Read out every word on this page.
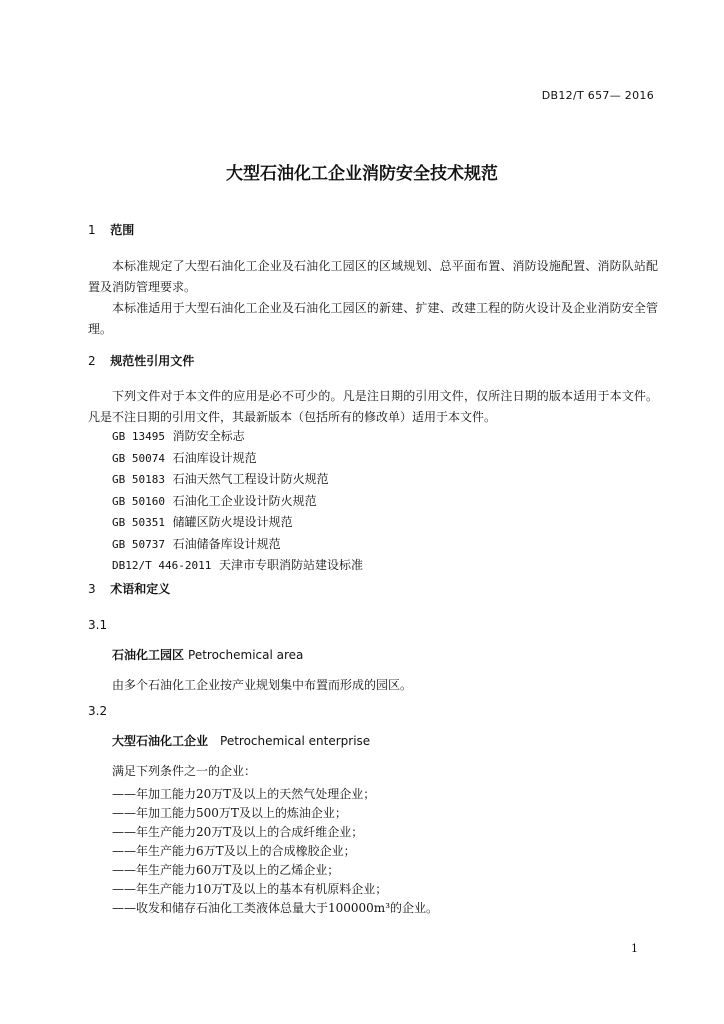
DB12/T 657— 2016
大型石油化工企业消防安全技术规范
1 范围

本标准规定了大型石油化工企业及石油化工园区的区域规划、总平面布置、消防设施配置、消防队站配置及消防管理要求。

本标准适用于大型石油化工企业及石油化工园区的新建、扩建、改建工程的防火设计及企业消防安全管理。

2 规范性引用文件

下列文件对于本文件的应用是必不可少的。凡是注日期的引用文件，仅所注日期的版本适用于本文件。凡是不注日期的引用文件，其最新版本（包括所有的修改单）适用于本文件。

GB 13495 消防安全标志
GB 50074 石油库设计规范
GB 50183 石油天然气工程设计防火规范
GB 50160 石油化工企业设计防火规范
GB 50351 储罐区防火堤设计规范
GB 50737 石油储备库设计规范
DB12/T 446-2011 天津市专职消防站建设标准
3 术语和定义
3.1
石油化工园区 Petrochemical area

由多个石油化工企业按产业规划集中布置而形成的园区。

3.2
大型石油化工企业 Petrochemical enterprise

满足下列条件之一的企业：

——年加工能力20万T及以上的天然气处理企业；
——年加工能力500万T及以上的炼油企业；
——年生产能力20万T及以上的合成纤维企业；
——年生产能力6万T及以上的合成橡胶企业；
——年生产能力60万T及以上的乙烯企业；
——年生产能力10万T及以上的基本有机原料企业；
——收发和储存石油化工类液体总量大于100000m³的企业。
1
